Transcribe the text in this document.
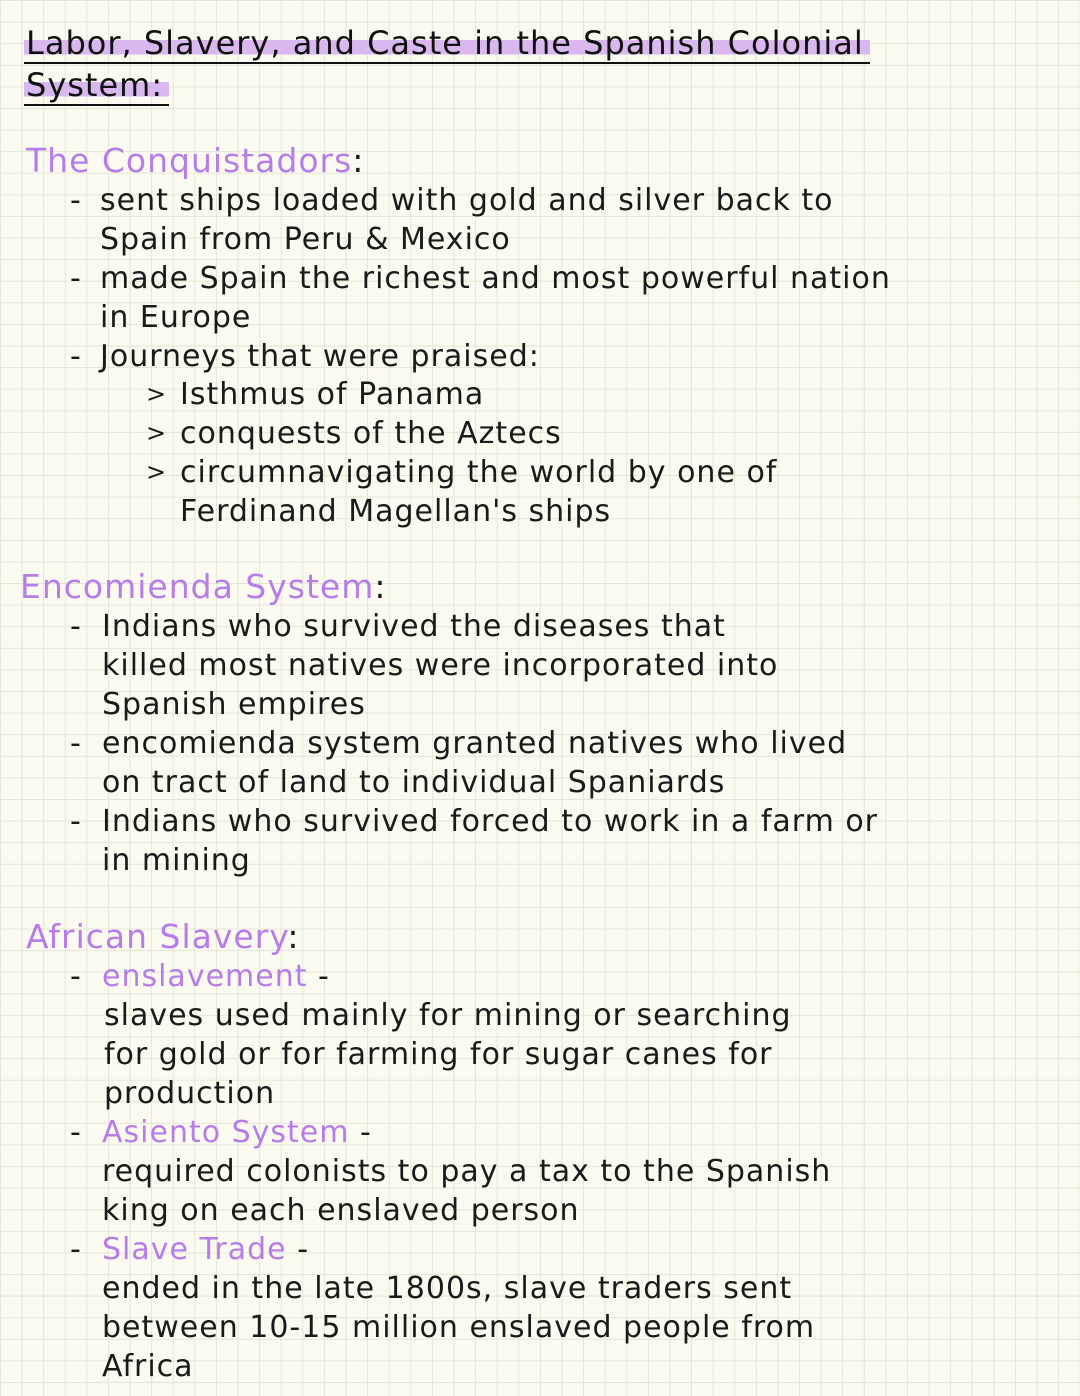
Labor, Slavery, and Caste in the Spanish Colonial
System:
The Conquistadors:
- sent ships loaded with gold and silver back to
Spain from Peru & Mexico
- made Spain the richest and most powerful nation
in Europe
- Journeys that were praised:
> Isthmus of Panama
> conquests of the Aztecs
> circumnavigating the world by one of
Ferdinand Magellan's ships
Encomienda System:
- Indians who survived the diseases that
killed most natives were incorporated into
Spanish empires
- encomienda system granted natives who lived
on tract of land to individual Spaniards
- Indians who survived forced to work in a farm or
in mining
African Slavery:
- enslavement -
slaves used mainly for mining or searching
for gold or for farming for sugar canes for
production
- Asiento System -
required colonists to pay a tax to the Spanish
king on each enslaved person
- Slave Trade -
ended in the late 1800s, slave traders sent
between 10-15 million enslaved people from
Africa
